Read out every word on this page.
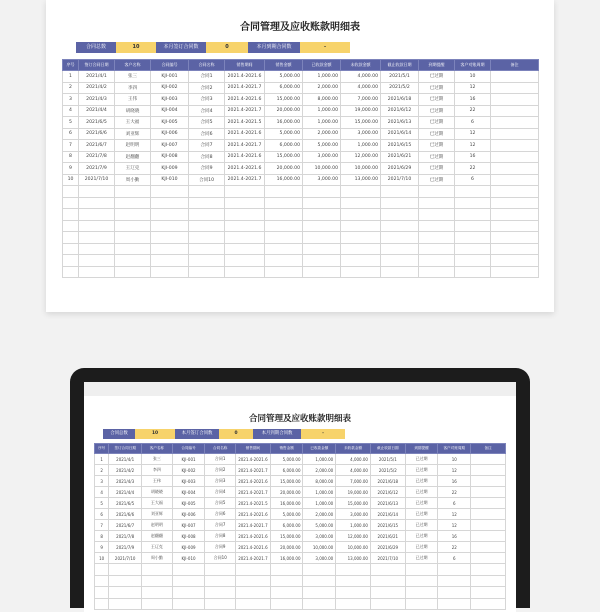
合同管理及应收账款明细表
合同总数	10	本月签订合同数	0	本月到期合同数	-
序号	签订合同日期	客户名称	合同编号	合同名称	销售期间	销售金额	已收款金额	未收款金额	截止收款日期	到期提醒	客户对账周期	备注
1	2021/4/1	张三	KJI-001	合同1	2021.4-2021.6	5,000.00	1,000.00	4,000.00	2021/5/1	已过期	10	
2	2021/4/2	李四	KJI-002	合同2	2021.4-2021.7	6,000.00	2,000.00	4,000.00	2021/5/2	已过期	12	
3	2021/4/3	王伟	KJI-003	合同3	2021.4-2021.6	15,000.00	8,000.00	7,000.00	2021/6/18	已过期	16	
4	2021/4/4	胡晓晓	KJI-004	合同4	2021.4-2021.7	20,000.00	1,000.00	19,000.00	2021/6/12	已过期	22	
5	2021/6/5	王大福	KJI-005	合同5	2021.4-2021.5	16,000.00	1,000.00	15,000.00	2021/6/13	已过期	6	
6	2021/6/6	刘亚辉	KJI-006	合同6	2021.4-2021.6	5,000.00	2,000.00	3,000.00	2021/6/14	已过期	12	
7	2021/6/7	赵明明	KJI-007	合同7	2021.4-2021.7	6,000.00	5,000.00	1,000.00	2021/6/15	已过期	12	
8	2021/7/8	赵翻翻	KJI-008	合同8	2021.4-2021.6	15,000.00	3,000.00	12,000.00	2021/6/21	已过期	16	
9	2021/7/9	王辽克	KJI-009	合同9	2021.4-2021.6	20,000.00	10,000.00	10,000.00	2021/6/29	已过期	22	
10	2021/7/10	周小勤	KJI-010	合同10	2021.4-2021.7	16,000.00	3,000.00	13,000.00	2021/7/10	已过期	6	

合同管理及应收账款明细表
合同总数	10	本月签订合同数	0	本月到期合同数	-
序号	签订合同日期	客户名称	合同编号	合同名称	销售期间	销售金额	已收款金额	未收款金额	截止收款日期	到期提醒	客户对账周期	备注
1	2021/4/1	张三	KJI-001	合同1	2021.4-2021.6	5,000.00	1,000.00	4,000.00	2021/5/1	已过期	10	
2	2021/4/2	李四	KJI-002	合同2	2021.4-2021.7	6,000.00	2,000.00	4,000.00	2021/5/2	已过期	12	
3	2021/4/3	王伟	KJI-003	合同3	2021.4-2021.6	15,000.00	8,000.00	7,000.00	2021/6/18	已过期	16	
4	2021/4/4	胡晓晓	KJI-004	合同4	2021.4-2021.7	20,000.00	1,000.00	19,000.00	2021/6/12	已过期	22	
5	2021/6/5	王大福	KJI-005	合同5	2021.4-2021.5	16,000.00	1,000.00	15,000.00	2021/6/13	已过期	6	
6	2021/6/6	刘亚辉	KJI-006	合同6	2021.4-2021.6	5,000.00	2,000.00	3,000.00	2021/6/14	已过期	12	
7	2021/6/7	赵明明	KJI-007	合同7	2021.4-2021.7	6,000.00	5,000.00	1,000.00	2021/6/15	已过期	12	
8	2021/7/8	赵翻翻	KJI-008	合同8	2021.4-2021.6	15,000.00	3,000.00	12,000.00	2021/6/21	已过期	16	
9	2021/7/9	王辽克	KJI-009	合同9	2021.4-2021.6	20,000.00	10,000.00	10,000.00	2021/6/29	已过期	22	
10	2021/7/10	周小勤	KJI-010	合同10	2021.4-2021.7	16,000.00	3,000.00	13,000.00	2021/7/10	已过期	6	
